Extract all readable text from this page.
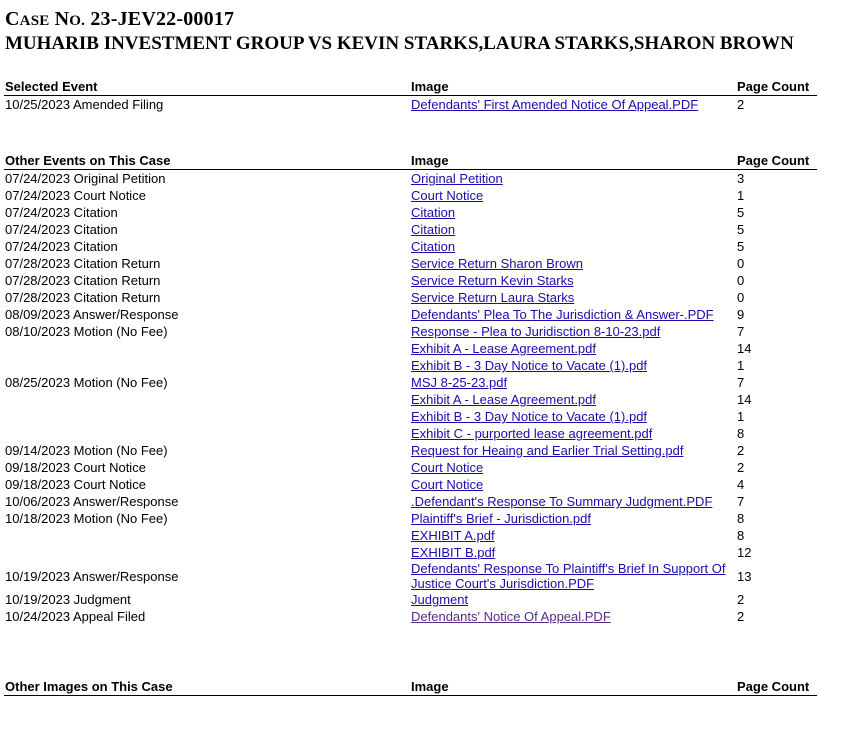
CASE NO. 23-JEV22-00017
MUHARIB INVESTMENT GROUP VS KEVIN STARKS,LAURA STARKS,SHARON BROWN
Selected Event	Image	Page Count
10/25/2023 Amended Filing	Defendants' First Amended Notice Of Appeal.PDF	2
Other Events on This Case	Image	Page Count
07/24/2023 Original Petition	Original Petition	3
07/24/2023 Court Notice	Court Notice	1
07/24/2023 Citation	Citation	5
07/24/2023 Citation	Citation	5
07/24/2023 Citation	Citation	5
07/28/2023 Citation Return	Service Return Sharon Brown	0
07/28/2023 Citation Return	Service Return Kevin Starks	0
07/28/2023 Citation Return	Service Return Laura Starks	0
08/09/2023 Answer/Response	Defendants' Plea To The Jurisdiction & Answer-.PDF	9
08/10/2023 Motion (No Fee)	Response - Plea to Juridisction 8-10-23.pdf	7
	Exhibit A - Lease Agreement.pdf	14
	Exhibit B - 3 Day Notice to Vacate (1).pdf	1
08/25/2023 Motion (No Fee)	MSJ 8-25-23.pdf	7
	Exhibit A - Lease Agreement.pdf	14
	Exhibit B - 3 Day Notice to Vacate (1).pdf	1
	Exhibit C - purported lease agreement.pdf	8
09/14/2023 Motion (No Fee)	Request for Heaing and Earlier Trial Setting.pdf	2
09/18/2023 Court Notice	Court Notice	2
09/18/2023 Court Notice	Court Notice	4
10/06/2023 Answer/Response	.Defendant's Response To Summary Judgment.PDF	7
10/18/2023 Motion (No Fee)	Plaintiff's Brief - Jurisdiction.pdf	8
	EXHIBIT A.pdf	8
	EXHIBIT B.pdf	12
10/19/2023 Answer/Response	Defendants' Response To Plaintiff's Brief In Support Of Justice Court's Jurisdiction.PDF	13
10/19/2023 Judgment	Judgment	2
10/24/2023 Appeal Filed	Defendants' Notice Of Appeal.PDF	2
Other Images on This Case	Image	Page Count
